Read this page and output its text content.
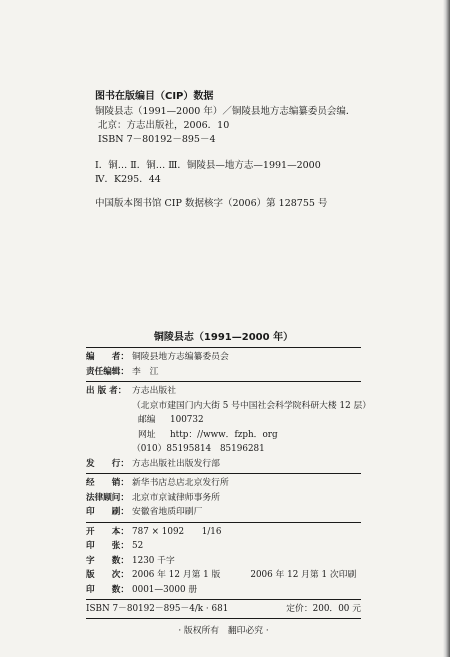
图书在版编目（CIP）数据
铜陵县志（1991—2000 年）／铜陵县地方志编纂委员会编．
北京：方志出版社，2006．10
ISBN 7－80192－895－4
Ⅰ．铜… Ⅱ．铜… Ⅲ．铜陵县—地方志—1991—2000
Ⅳ．K295．44
中国版本图书馆 CIP 数据核字（2006）第 128755 号
铜陵县志（1991—2000 年）
编　　者： 铜陵县地方志编纂委员会
责任编辑： 李　江
出 版 者： 方志出版社
（北京市建国门内大街 5 号中国社会科学院科研大楼 12 层）
邮编 100732
网址 http：//www．fzph．org
（010）85195814　85196281
发　　行： 方志出版社出版发行部
经　　销： 新华书店总店北京发行所
法律顾问： 北京市京诚律师事务所
印　　刷： 安徽省地质印刷厂
开　　本： 787 × 1092　　1/16
印　　张： 52
字　　数： 1230 千字
版　　次： 2006 年 12 月第 1 版	2006 年 12 月第 1 次印刷
印　　数： 0001—3000 册
ISBN 7－80192－895－4/k · 681	定价：200．00 元
· 版权所有　翻印必究 ·
